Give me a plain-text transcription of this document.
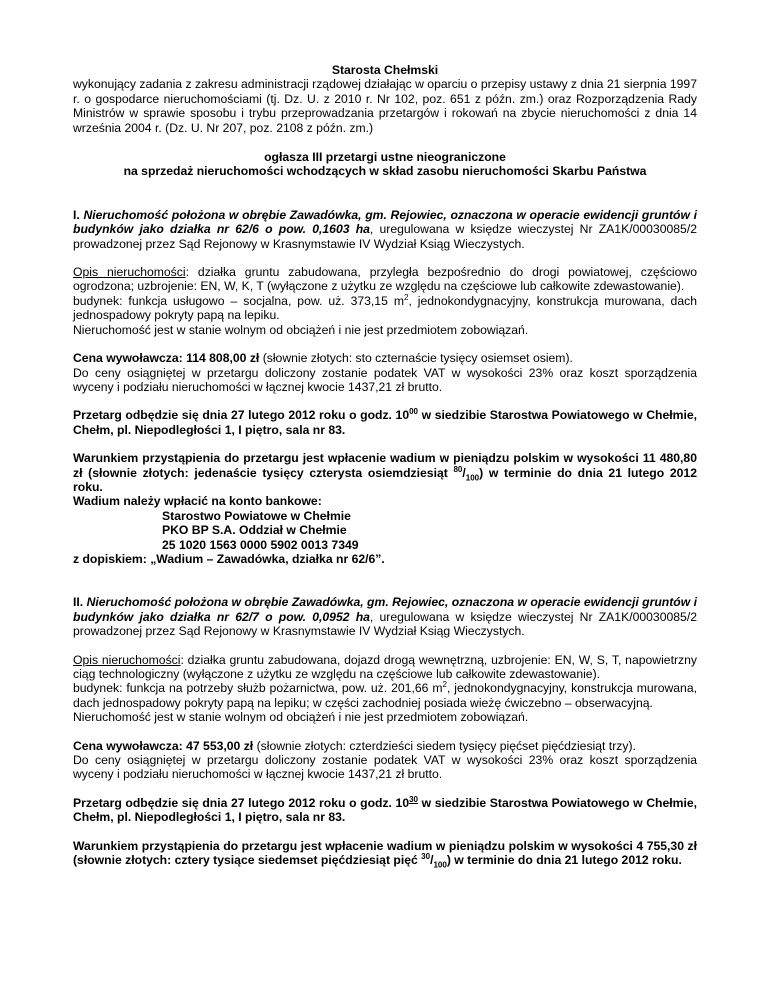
Starosta Chełmski

wykonujący zadania z zakresu administracji rządowej działając w oparciu o przepisy ustawy z dnia 21 sierpnia 1997 r. o gospodarce nieruchomościami (tj. Dz. U. z 2010 r. Nr 102, poz. 651 z późn. zm.) oraz Rozporządzenia Rady Ministrów w sprawie sposobu i trybu przeprowadzania przetargów i rokowań na zbycie nieruchomości z dnia 14 września 2004 r. (Dz. U. Nr 207, poz. 2108 z późn. zm.)

ogłasza III przetargi ustne nieograniczone

na sprzedaż nieruchomości wchodzących w skład zasobu nieruchomości Skarbu Państwa

I. Nieruchomość położona w obrębie Zawadówka, gm. Rejowiec, oznaczona w operacie ewidencji gruntów i budynków jako działka nr 62/6 o pow. 0,1603 ha, uregulowana w księdze wieczystej Nr ZA1K/00030085/2 prowadzonej przez Sąd Rejonowy w Krasnymstawie IV Wydział Ksiąg Wieczystych.

Opis nieruchomości: działka gruntu zabudowana, przyległa bezpośrednio do drogi powiatowej, częściowo ogrodzona; uzbrojenie: EN, W, K, T (wyłączone z użytku ze względu na częściowe lub całkowite zdewastowanie).

budynek: funkcja usługowo – socjalna, pow. uż. 373,15 $m^2$, jednokondygnacyjny, konstrukcja murowana, dach jednospadowy pokryty papą na lepiku.

Nieruchomość jest w stanie wolnym od obciążeń i nie jest przedmiotem zobowiązań.

Cena wywoławcza: 114 808,00 zł (słownie złotych: sto czternaście tysięcy osiemset osiem).

Do ceny osiągniętej w przetargu doliczony zostanie podatek VAT w wysokości 23% oraz koszt sporządzenia wyceny i podziału nieruchomości w łącznej kwocie 1437,21 zł brutto.

Przetarg odbędzie się dnia 27 lutego 2012 roku o godz. $10^{00}$ w siedzibie Starostwa Powiatowego w Chełmie, Chełm, pl. Niepodległości 1, I piętro, sala nr 83.

Warunkiem przystąpienia do przetargu jest wpłacenie wadium w pieniądzu polskim w wysokości 11 480,80 zł (słownie złotych: jedenaście tysięcy czterysta osiemdziesiąt $^{80}/_{100}$) w terminie do dnia 21 lutego 2012 roku.

Wadium należy wpłacić na konto bankowe:

Starostwo Powiatowe w Chełmie

PKO BP S.A. Oddział w Chełmie

25 1020 1563 0000 5902 0013 7349

z dopiskiem: „Wadium – Zawadówka, działka nr 62/6”.

II. Nieruchomość położona w obrębie Zawadówka, gm. Rejowiec, oznaczona w operacie ewidencji gruntów i budynków jako działka nr 62/7 o pow. 0,0952 ha, uregulowana w księdze wieczystej Nr ZA1K/00030085/2 prowadzonej przez Sąd Rejonowy w Krasnymstawie IV Wydział Ksiąg Wieczystych.

Opis nieruchomości: działka gruntu zabudowana, dojazd drogą wewnętrzną, uzbrojenie: EN, W, S, T, napowietrzny ciąg technologiczny (wyłączone z użytku ze względu na częściowe lub całkowite zdewastowanie).

budynek: funkcja na potrzeby służb pożarnictwa, pow. uż. 201,66 $m^2$, jednokondygnacyjny, konstrukcja murowana, dach jednospadowy pokryty papą na lepiku; w części zachodniej posiada wieżę ćwiczebno – obserwacyjną.

Nieruchomość jest w stanie wolnym od obciążeń i nie jest przedmiotem zobowiązań.

Cena wywoławcza: 47 553,00 zł (słownie złotych: czterdzieści siedem tysięcy pięćset pięćdziesiąt trzy).

Do ceny osiągniętej w przetargu doliczony zostanie podatek VAT w wysokości 23% oraz koszt sporządzenia wyceny i podziału nieruchomości w łącznej kwocie 1437,21 zł brutto.

Przetarg odbędzie się dnia 27 lutego 2012 roku o godz. $10^{30}$ w siedzibie Starostwa Powiatowego w Chełmie, Chełm, pl. Niepodległości 1, I piętro, sala nr 83.

Warunkiem przystąpienia do przetargu jest wpłacenie wadium w pieniądzu polskim w wysokości 4 755,30 zł (słownie złotych: cztery tysiące siedemset pięćdziesiąt pięć $^{30}/_{100}$) w terminie do dnia 21 lutego 2012 roku.
